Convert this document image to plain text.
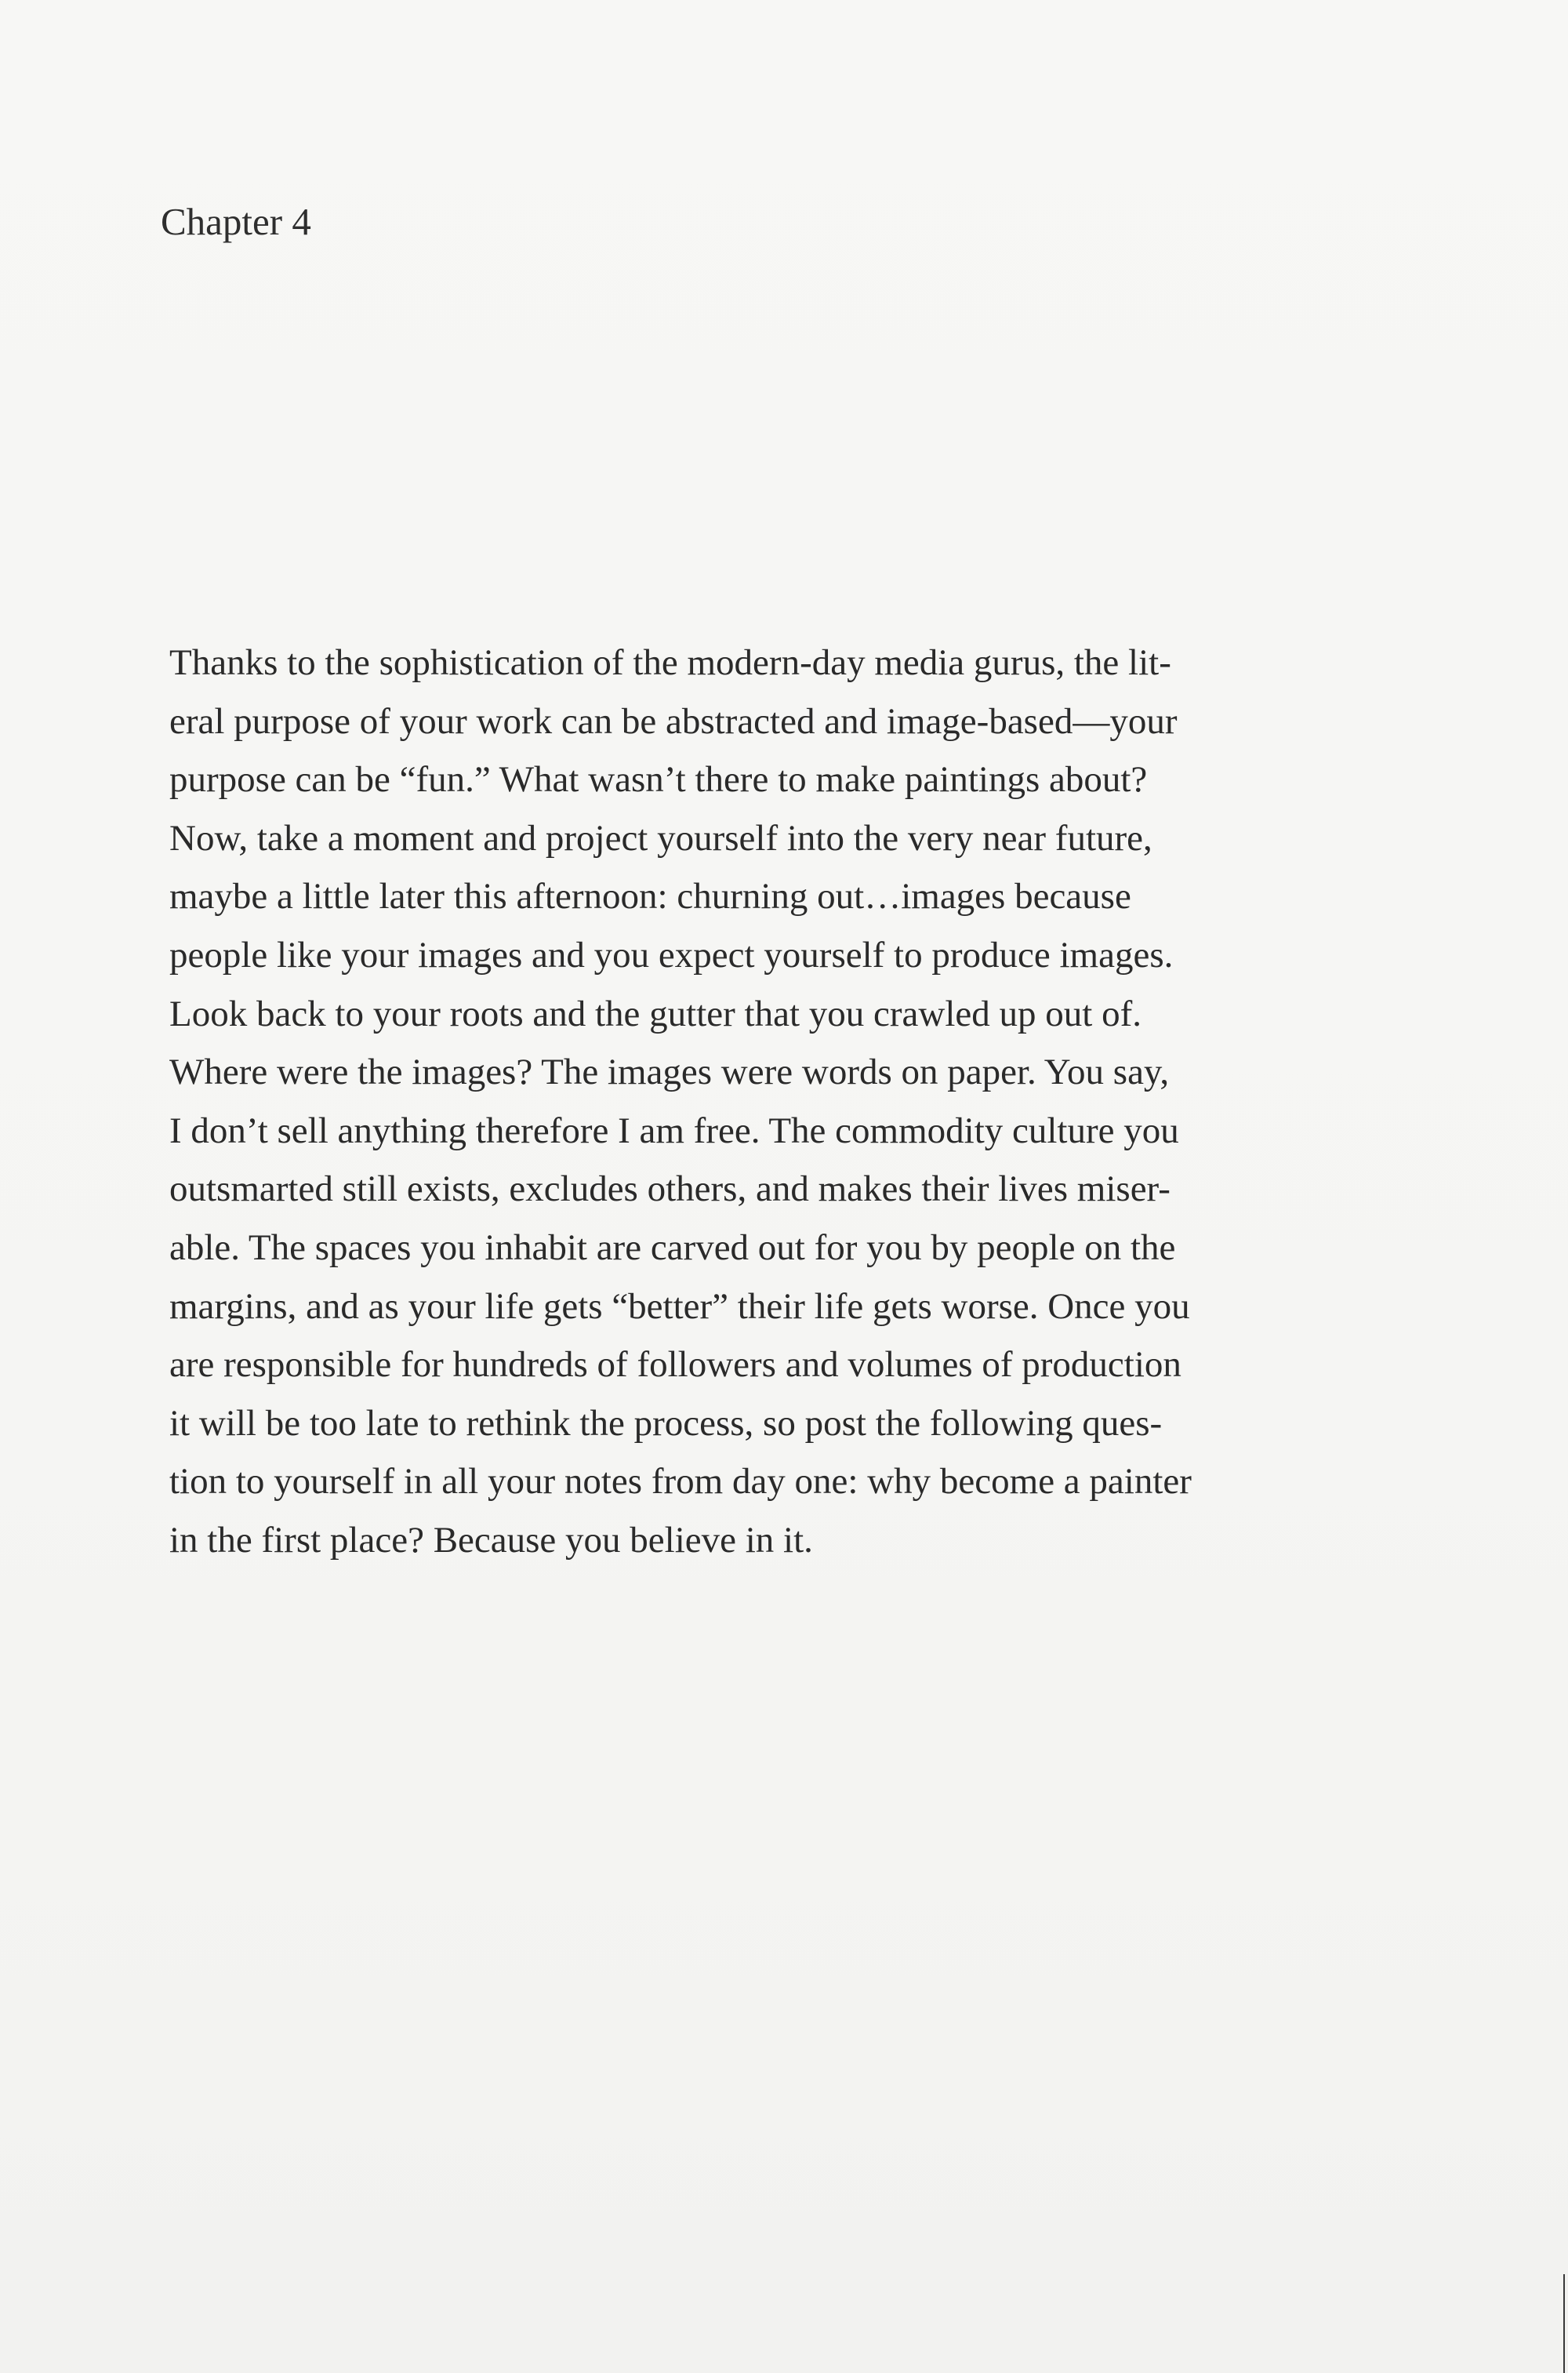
Chapter 4

Thanks to the sophistication of the modern-day media gurus, the lit-
eral purpose of your work can be abstracted and image-based—your
purpose can be “fun.” What wasn’t there to make paintings about?
Now, take a moment and project yourself into the very near future,
maybe a little later this afternoon: churning out…images because
people like your images and you expect yourself to produce images.
Look back to your roots and the gutter that you crawled up out of.
Where were the images? The images were words on paper. You say,
I don’t sell anything therefore I am free. The commodity culture you
outsmarted still exists, excludes others, and makes their lives miser-
able. The spaces you inhabit are carved out for you by people on the
margins, and as your life gets “better” their life gets worse. Once you
are responsible for hundreds of followers and volumes of production
it will be too late to rethink the process, so post the following ques-
tion to yourself in all your notes from day one: why become a painter
in the first place? Because you believe in it.
